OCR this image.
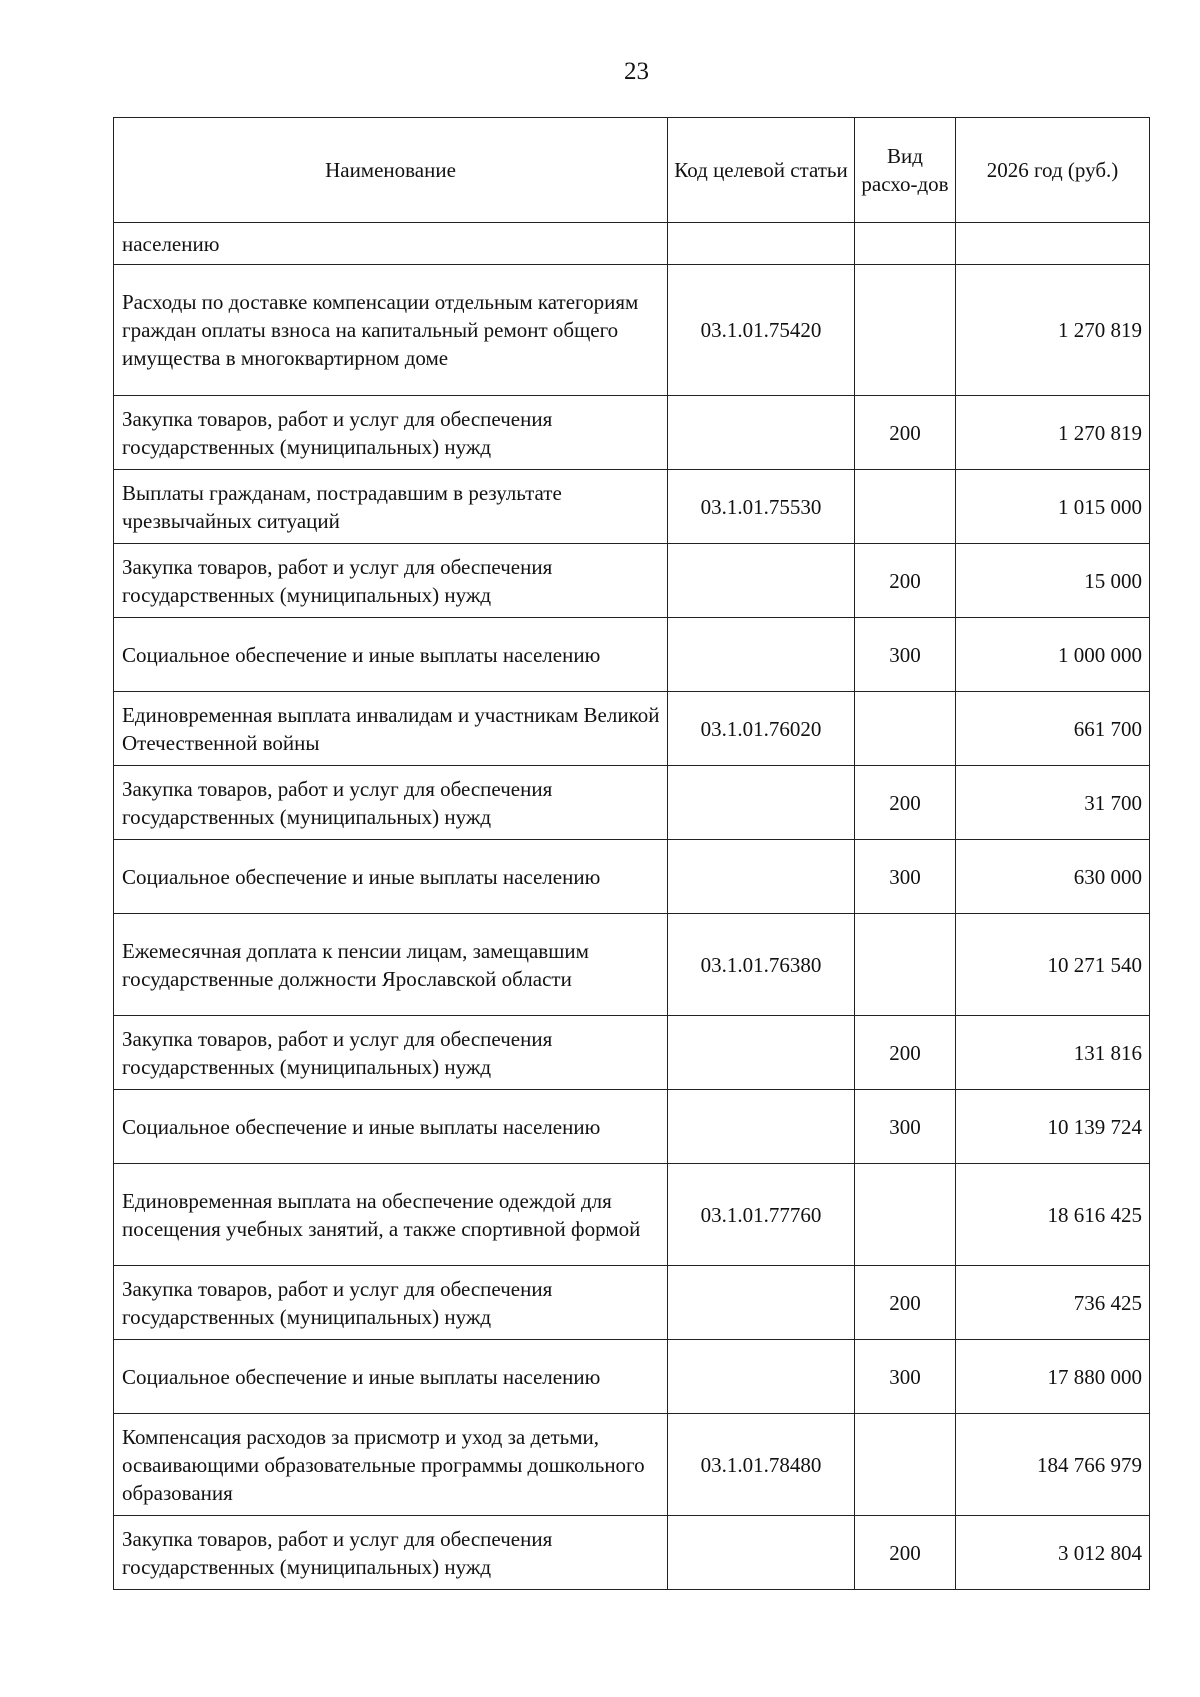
23
Наименование	Код целевой статьи	Вид расхо-дов	2026 год (руб.)
населению			
Расходы по доставке компенсации отдельным категориям граждан оплаты взноса на капитальный ремонт общего имущества в многоквартирном доме	03.1.01.75420		1 270 819
Закупка товаров, работ и услуг для обеспечения государственных (муниципальных) нужд		200	1 270 819
Выплаты гражданам, пострадавшим в результате чрезвычайных ситуаций	03.1.01.75530		1 015 000
Закупка товаров, работ и услуг для обеспечения государственных (муниципальных) нужд		200	15 000
Социальное обеспечение и иные выплаты населению		300	1 000 000
Единовременная выплата инвалидам и участникам Великой Отечественной войны	03.1.01.76020		661 700
Закупка товаров, работ и услуг для обеспечения государственных (муниципальных) нужд		200	31 700
Социальное обеспечение и иные выплаты населению		300	630 000
Ежемесячная доплата к пенсии лицам, замещавшим государственные должности Ярославской области	03.1.01.76380		10 271 540
Закупка товаров, работ и услуг для обеспечения государственных (муниципальных) нужд		200	131 816
Социальное обеспечение и иные выплаты населению		300	10 139 724
Единовременная выплата на обеспечение одеждой для посещения учебных занятий, а также спортивной формой	03.1.01.77760		18 616 425
Закупка товаров, работ и услуг для обеспечения государственных (муниципальных) нужд		200	736 425
Социальное обеспечение и иные выплаты населению		300	17 880 000
Компенсация расходов за присмотр и уход за детьми, осваивающими образовательные программы дошкольного образования	03.1.01.78480		184 766 979
Закупка товаров, работ и услуг для обеспечения государственных (муниципальных) нужд		200	3 012 804
